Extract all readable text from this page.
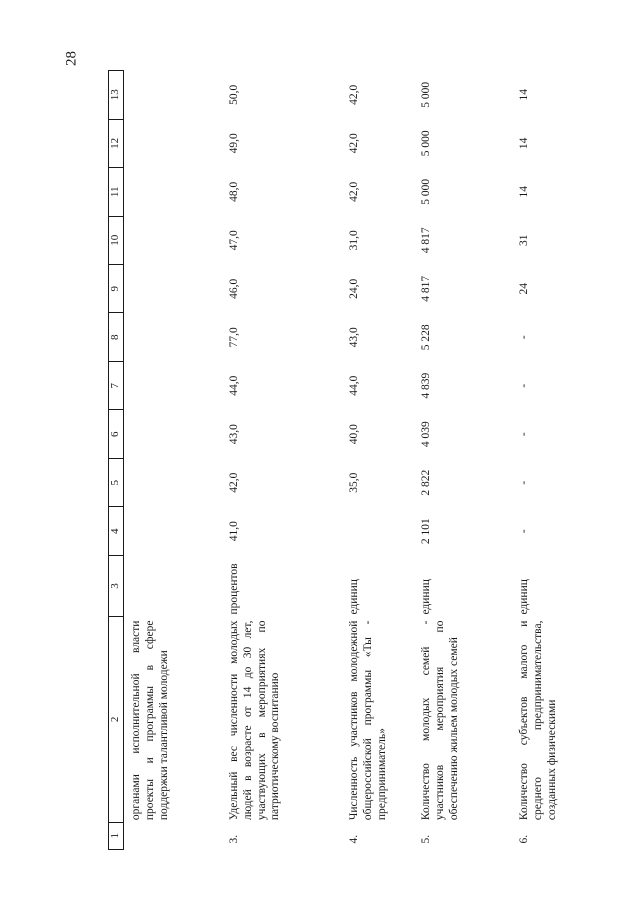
28
1	2	3	4	5	6	7	8	9	10	11	12	13
	органами исполнительной власти проекты и программы в сфере поддержки талантливой молодежи											
3.	Удельный вес численности молодых людей в возрасте от 14 до 30 лет, участвующих в мероприятиях по патриотическому воспитанию	процентов	41,0	42,0	43,0	44,0	77,0	46,0	47,0	48,0	49,0	50,0
4.	Численность участников молодежной общероссийской программы «Ты - предприниматель»	единиц		35,0	40,0	44,0	43,0	24,0	31,0	42,0	42,0	42,0
5.	Количество молодых семей - участников мероприятия по обеспечению жильем молодых семей	единиц	2 101	2 822	4 039	4 839	5 228	4 817	4 817	5 000	5 000	5 000
6.	Количество субъектов малого и среднего предпринимательства, созданных физическими	единиц	-	-	-	-	-	24	31	14	14	14
